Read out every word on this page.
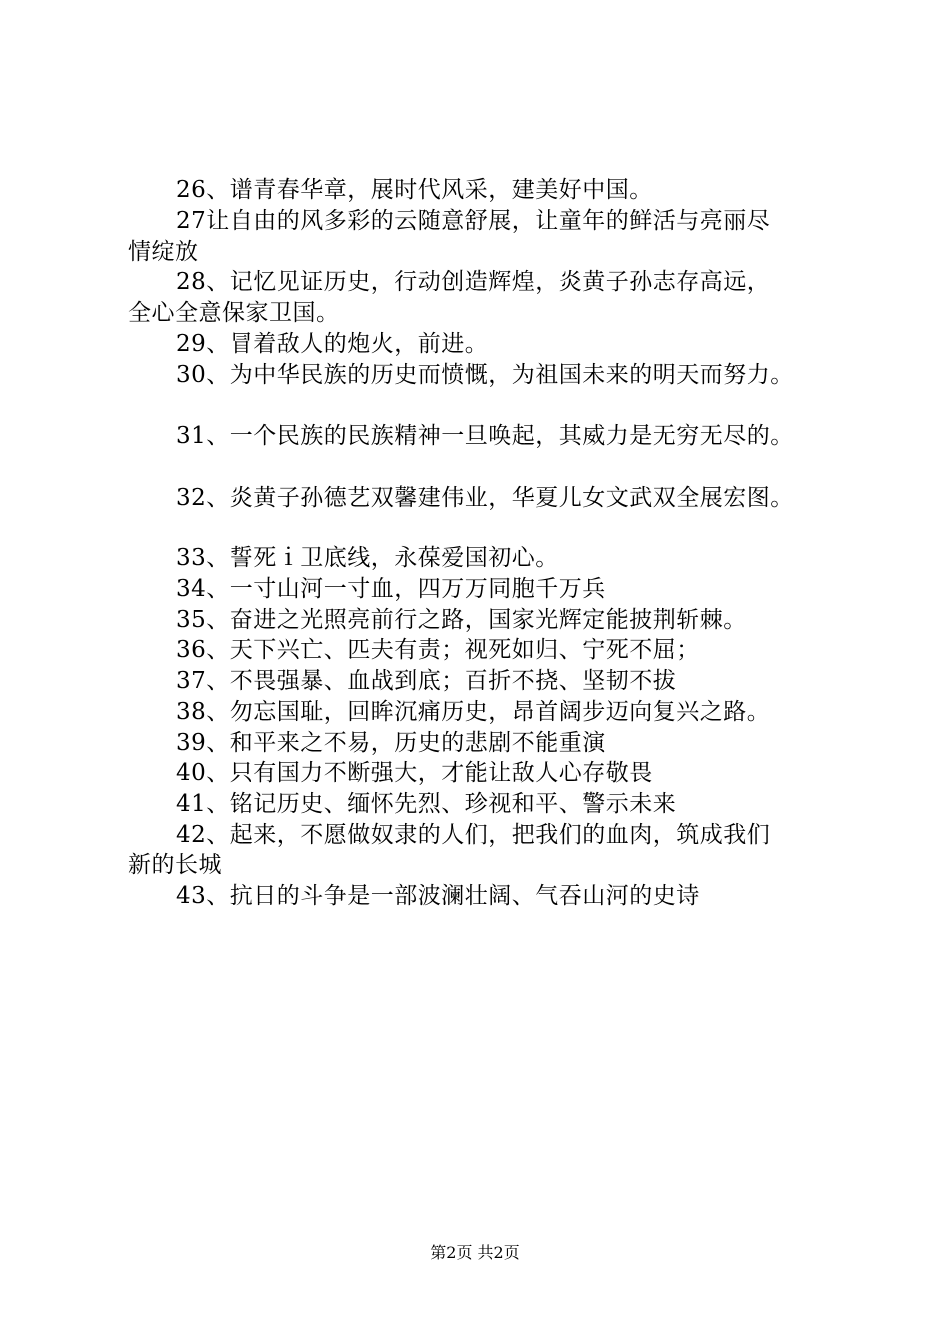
26、谱青春华章，展时代风采，建美好中国。
27让自由的风多彩的云随意舒展，让童年的鲜活与亮丽尽
情绽放
28、记忆见证历史，行动创造辉煌，炎黄子孙志存高远，
全心全意保家卫国。
29、冒着敌人的炮火，前进。
30、为中华民族的历史而愤慨，为祖国未来的明天而努力。
31、一个民族的民族精神一旦唤起，其威力是无穷无尽的。
32、炎黄子孙德艺双馨建伟业，华夏儿女文武双全展宏图。
33、誓死ｉ卫底线，永葆爱国初心。
34、一寸山河一寸血，四万万同胞千万兵
35、奋进之光照亮前行之路，国家光辉定能披荆斩棘。
36、天下兴亡、匹夫有责；视死如归、宁死不屈；
37、不畏强暴、血战到底；百折不挠、坚韧不拔
38、勿忘国耻，回眸沉痛历史，昂首阔步迈向复兴之路。
39、和平来之不易，历史的悲剧不能重演
40、只有国力不断强大，才能让敌人心存敬畏
41、铭记历史、缅怀先烈、珍视和平、警示未来
42、起来，不愿做奴隶的人们，把我们的血肉，筑成我们
新的长城
43、抗日的斗争是一部波澜壮阔、气吞山河的史诗
第2页 共2页
